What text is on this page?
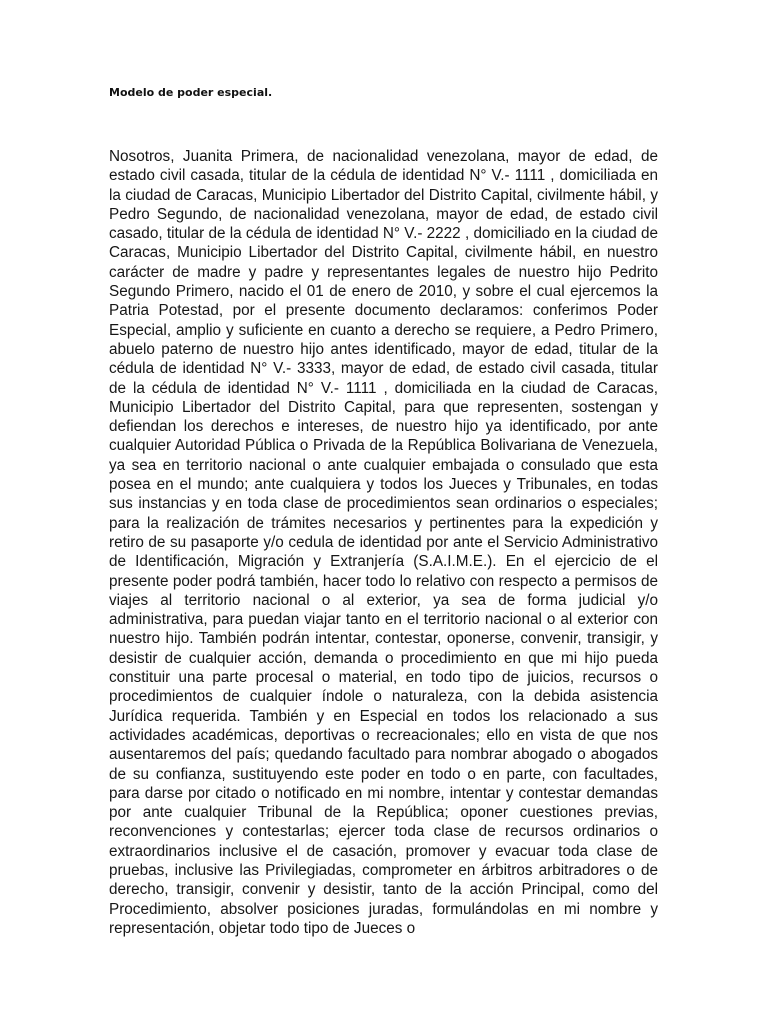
Modelo de poder especial.

Nosotros, Juanita Primera, de nacionalidad venezolana, mayor de edad, de estado civil casada, titular de la cédula de identidad N° V.- 1111 , domiciliada en la ciudad de Caracas, Municipio Libertador del Distrito Capital, civilmente hábil, y Pedro Segundo, de nacionalidad venezolana, mayor de edad, de estado civil casado, titular de la cédula de identidad N° V.- 2222 , domiciliado en la ciudad de Caracas, Municipio Libertador del Distrito Capital, civilmente hábil, en nuestro carácter de madre y padre y representantes legales de nuestro hijo Pedrito Segundo Primero, nacido el 01 de enero de 2010, y sobre el cual ejercemos la Patria Potestad, por el presente documento declaramos: conferimos Poder Especial, amplio y suficiente en cuanto a derecho se requiere, a Pedro Primero, abuelo paterno de nuestro hijo antes identificado, mayor de edad, titular de la cédula de identidad N° V.- 3333, mayor de edad, de estado civil casada, titular de la cédula de identidad N° V.- 1111 , domiciliada en la ciudad de Caracas, Municipio Libertador del Distrito Capital, para que representen, sostengan y defiendan los derechos e intereses, de nuestro hijo ya identificado, por ante cualquier Autoridad Pública o Privada de la República Bolivariana de Venezuela, ya sea en territorio nacional o ante cualquier embajada o consulado que esta posea en el mundo; ante cualquiera y todos los Jueces y Tribunales, en todas sus instancias y en toda clase de procedimientos sean ordinarios o especiales; para la realización de trámites necesarios y pertinentes para la expedición y retiro de su pasaporte y/o cedula de identidad por ante el Servicio Administrativo de Identificación, Migración y Extranjería (S.A.I.M.E.). En el ejercicio de el presente poder podrá también, hacer todo lo relativo con respecto a permisos de viajes al territorio nacional o al exterior, ya sea de forma judicial y/o administrativa, para puedan viajar tanto en el territorio nacional o al exterior con nuestro hijo. También podrán intentar, contestar, oponerse, convenir, transigir, y desistir de cualquier acción, demanda o procedimiento en que mi hijo pueda constituir una parte procesal o material, en todo tipo de juicios, recursos o procedimientos de cualquier índole o naturaleza, con la debida asistencia Jurídica requerida. También y en Especial en todos los relacionado a sus actividades académicas, deportivas o recreacionales; ello en vista de que nos ausentaremos del país; quedando facultado para nombrar abogado o abogados de su confianza, sustituyendo este poder en todo o en parte, con facultades, para darse por citado o notificado en mi nombre, intentar y contestar demandas por ante cualquier Tribunal de la República; oponer cuestiones previas, reconvenciones y contestarlas; ejercer toda clase de recursos ordinarios o extraordinarios inclusive el de casación, promover y evacuar toda clase de pruebas, inclusive las Privilegiadas, comprometer en árbitros arbitradores o de derecho, transigir, convenir y desistir, tanto de la acción Principal, como del Procedimiento, absolver posiciones juradas, formulándolas en mi nombre y representación, objetar todo tipo de Jueces o
